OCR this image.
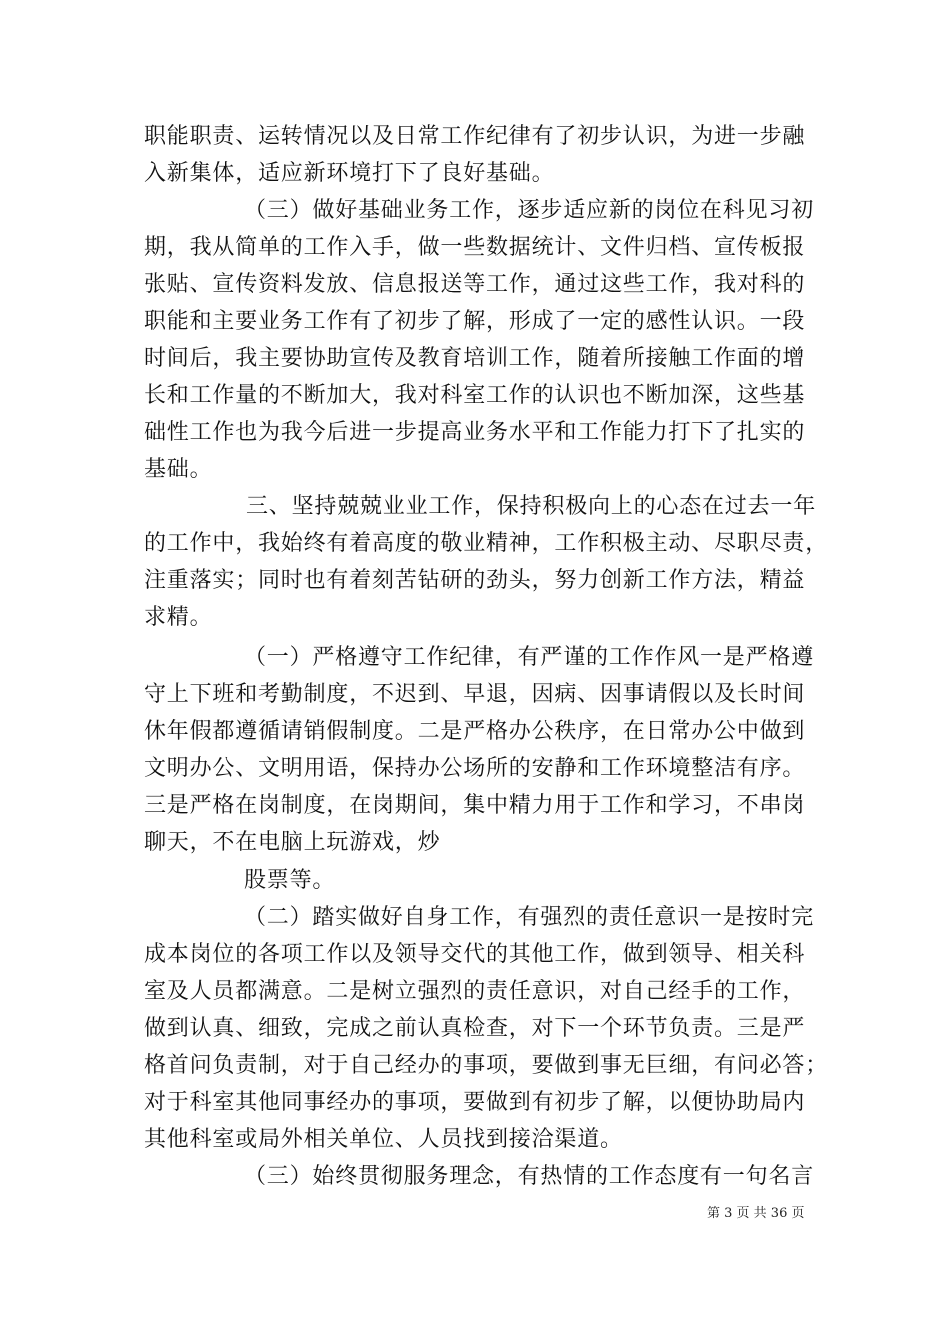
职能职责、运转情况以及日常工作纪律有了初步认识，为进一步融
入新集体，适应新环境打下了良好基础。
（三）做好基础业务工作，逐步适应新的岗位在科见习初
期，我从简单的工作入手，做一些数据统计、文件归档、宣传板报
张贴、宣传资料发放、信息报送等工作，通过这些工作，我对科的
职能和主要业务工作有了初步了解，形成了一定的感性认识。一段
时间后，我主要协助宣传及教育培训工作，随着所接触工作面的增
长和工作量的不断加大，我对科室工作的认识也不断加深，这些基
础性工作也为我今后进一步提高业务水平和工作能力打下了扎实的
基础。
三、坚持兢兢业业工作，保持积极向上的心态在过去一年
的工作中，我始终有着高度的敬业精神，工作积极主动、尽职尽责，
注重落实；同时也有着刻苦钻研的劲头，努力创新工作方法，精益
求精。
（一）严格遵守工作纪律，有严谨的工作作风一是严格遵
守上下班和考勤制度，不迟到、早退，因病、因事请假以及长时间
休年假都遵循请销假制度。二是严格办公秩序，在日常办公中做到
文明办公、文明用语，保持办公场所的安静和工作环境整洁有序。
三是严格在岗制度，在岗期间，集中精力用于工作和学习，不串岗
聊天，不在电脑上玩游戏，炒
股票等。
（二）踏实做好自身工作，有强烈的责任意识一是按时完
成本岗位的各项工作以及领导交代的其他工作，做到领导、相关科
室及人员都满意。二是树立强烈的责任意识，对自己经手的工作，
做到认真、细致，完成之前认真检查，对下一个环节负责。三是严
格首问负责制，对于自己经办的事项，要做到事无巨细，有问必答；
对于科室其他同事经办的事项，要做到有初步了解，以便协助局内
其他科室或局外相关单位、人员找到接洽渠道。
（三）始终贯彻服务理念，有热情的工作态度有一句名言
第 3 页 共 36 页
